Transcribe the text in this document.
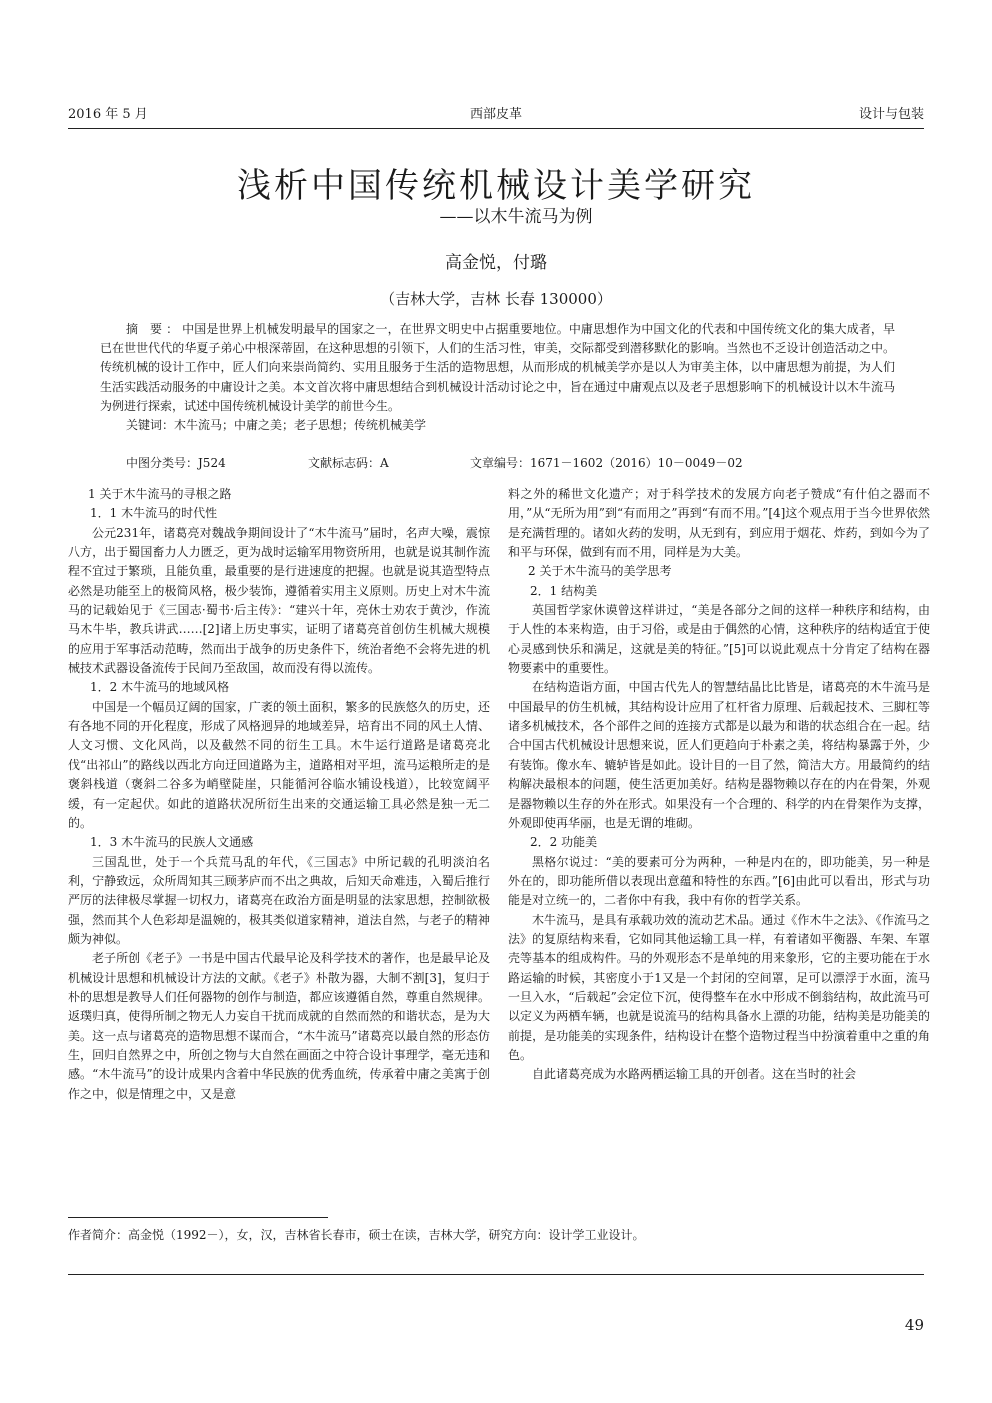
2016 年 5 月	西部皮革	设计与包装
浅析中国传统机械设计美学研究
——以木牛流马为例
高金悦，付璐
（吉林大学，吉林 长春 130000）

摘 要：中国是世界上机械发明最早的国家之一，在世界文明史中占据重要地位。中庸思想作为中国文化的代表和中国传统文化的集大成者，早已在世世代代的华夏子弟心中根深蒂固，在这种思想的引领下，人们的生活习性，审美，交际都受到潜移默化的影响。当然也不乏设计创造活动之中。传统机械的设计工作中，匠人们向来崇尚简约、实用且服务于生活的造物思想，从而形成的机械美学亦是以人为审美主体，以中庸思想为前提，为人们生活实践活动服务的中庸设计之美。本文首次将中庸思想结合到机械设计活动讨论之中，旨在通过中庸观点以及老子思想影响下的机械设计以木牛流马为例进行探索，试述中国传统机械设计美学的前世今生。

关键词：木牛流马；中庸之美；老子思想；传统机械美学

中图分类号：J524	文献标志码：A	文章编号：1671－1602（2016）10－0049－02

1 关于木牛流马的寻根之路

1．1 木牛流马的时代性

公元231年，诸葛亮对魏战争期间设计了“木牛流马”届时，名声大噪，震惊八方，出于蜀国畜力人力匮乏，更为战时运输军用物资所用，也就是说其制作流程不宜过于繁琐，且能负重，最重要的是行进速度的把握。也就是说其造型特点必然是功能至上的极简风格，极少装饰，遵循着实用主义原则。历史上对木牛流马的记载始见于《三国志·蜀书·后主传》：“建兴十年，亮休士劝农于黄沙，作流马木牛毕，教兵讲武……[2]诸上历史事实，证明了诸葛亮首创仿生机械大规模的应用于军事活动范畴，然而出于战争的历史条件下，统治者绝不会将先进的机械技术武器设备流传于民间乃至敌国，故而没有得以流传。

1．2 木牛流马的地域风格

中国是一个幅员辽阔的国家，广袤的领土面积，繁多的民族悠久的历史，还有各地不同的开化程度，形成了风格迥异的地域差异，培育出不同的风土人情、人文习惯、文化风尚，以及截然不同的衍生工具。木牛运行道路是诸葛亮北伐“出祁山”的路线以西北方向迂回道路为主，道路相对平坦，流马运粮所走的是褒斜栈道（褒斜二谷多为峭壁陡崖，只能循河谷临水铺设栈道），比较宽阔平缓，有一定起伏。如此的道路状况所衍生出来的交通运输工具必然是独一无二的。

1．3 木牛流马的民族人文通感

三国乱世，处于一个兵荒马乱的年代，《三国志》中所记载的孔明淡泊名利，宁静致远，众所周知其三顾茅庐而不出之典故，后知天命难违，入蜀后推行严厉的法律极尽掌握一切权力，诸葛亮在政治方面是明显的法家思想，控制欲极强，然而其个人色彩却是温婉的，极其类似道家精神，道法自然，与老子的精神颇为神似。

老子所创《老子》一书是中国古代最早论及科学技术的著作，也是最早论及机械设计思想和机械设计方法的文献。《老子》朴散为器，大制不割[3]，复归于朴的思想是教导人们任何器物的创作与制造，都应该遵循自然，尊重自然规律。返璞归真，使得所制之物无人力妄自干扰而成就的自然而然的和谐状态，是为大美。这一点与诸葛亮的造物思想不谋而合，“木牛流马”诸葛亮以最自然的形态仿生，回归自然界之中，所创之物与大自然在画面之中符合设计事理学，毫无违和感。“木牛流马”的设计成果内含着中华民族的优秀血统，传承着中庸之美寓于创作之中，似是情理之中，又是意

料之外的稀世文化遗产；对于科学技术的发展方向老子赞成“有什伯之器而不用，”从“无所为用”到“有而用之”再到“有而不用。”[4]这个观点用于当今世界依然是充满哲理的。诸如火药的发明，从无到有，到应用于烟花、炸药，到如今为了和平与环保，做到有而不用，同样是为大美。

2 关于木牛流马的美学思考

2．1 结构美

英国哲学家休谟曾这样讲过，“美是各部分之间的这样一种秩序和结构，由于人性的本来构造，由于习俗，或是由于偶然的心情，这种秩序的结构适宜于使心灵感到快乐和满足，这就是美的特征。”[5]可以说此观点十分肯定了结构在器物要素中的重要性。

在结构造诣方面，中国古代先人的智慧结晶比比皆是，诸葛亮的木牛流马是中国最早的仿生机械，其结构设计应用了杠杆省力原理、后载起技术、三脚杠等诸多机械技术，各个部件之间的连接方式都是以最为和谐的状态组合在一起。结合中国古代机械设计思想来说，匠人们更趋向于朴素之美，将结构暴露于外，少有装饰。像水车、辘轳皆是如此。设计目的一目了然，简洁大方。用最简约的结构解决最根本的问题，使生活更加美好。结构是器物赖以存在的内在骨架，外观是器物赖以生存的外在形式。如果没有一个合理的、科学的内在骨架作为支撑，外观即使再华丽，也是无谓的堆砌。

2．2 功能美

黑格尔说过：“美的要素可分为两种，一种是内在的，即功能美，另一种是外在的，即功能所借以表现出意蕴和特性的东西。”[6]由此可以看出，形式与功能是对立统一的，二者你中有我，我中有你的哲学关系。

木牛流马，是具有承载功效的流动艺术品。通过《作木牛之法》、《作流马之法》的复原结构来看，它如同其他运输工具一样，有着诸如平衡器、车架、车罩壳等基本的组成构件。马的外观形态不是单纯的用来象形，它的主要功能在于水路运输的时候，其密度小于1又是一个封闭的空间罩，足可以漂浮于水面，流马一旦入水，“后载起”会定位下沉，使得整车在水中形成不倒翁结构，故此流马可以定义为两栖车辆，也就是说流马的结构具备水上漂的功能，结构美是功能美的前提，是功能美的实现条件，结构设计在整个造物过程当中扮演着重中之重的角色。

自此诸葛亮成为水路两栖运输工具的开创者。这在当时的社会

作者简介：高金悦（1992－），女，汉，吉林省长春市，硕士在读，吉林大学，研究方向：设计学工业设计。
49
